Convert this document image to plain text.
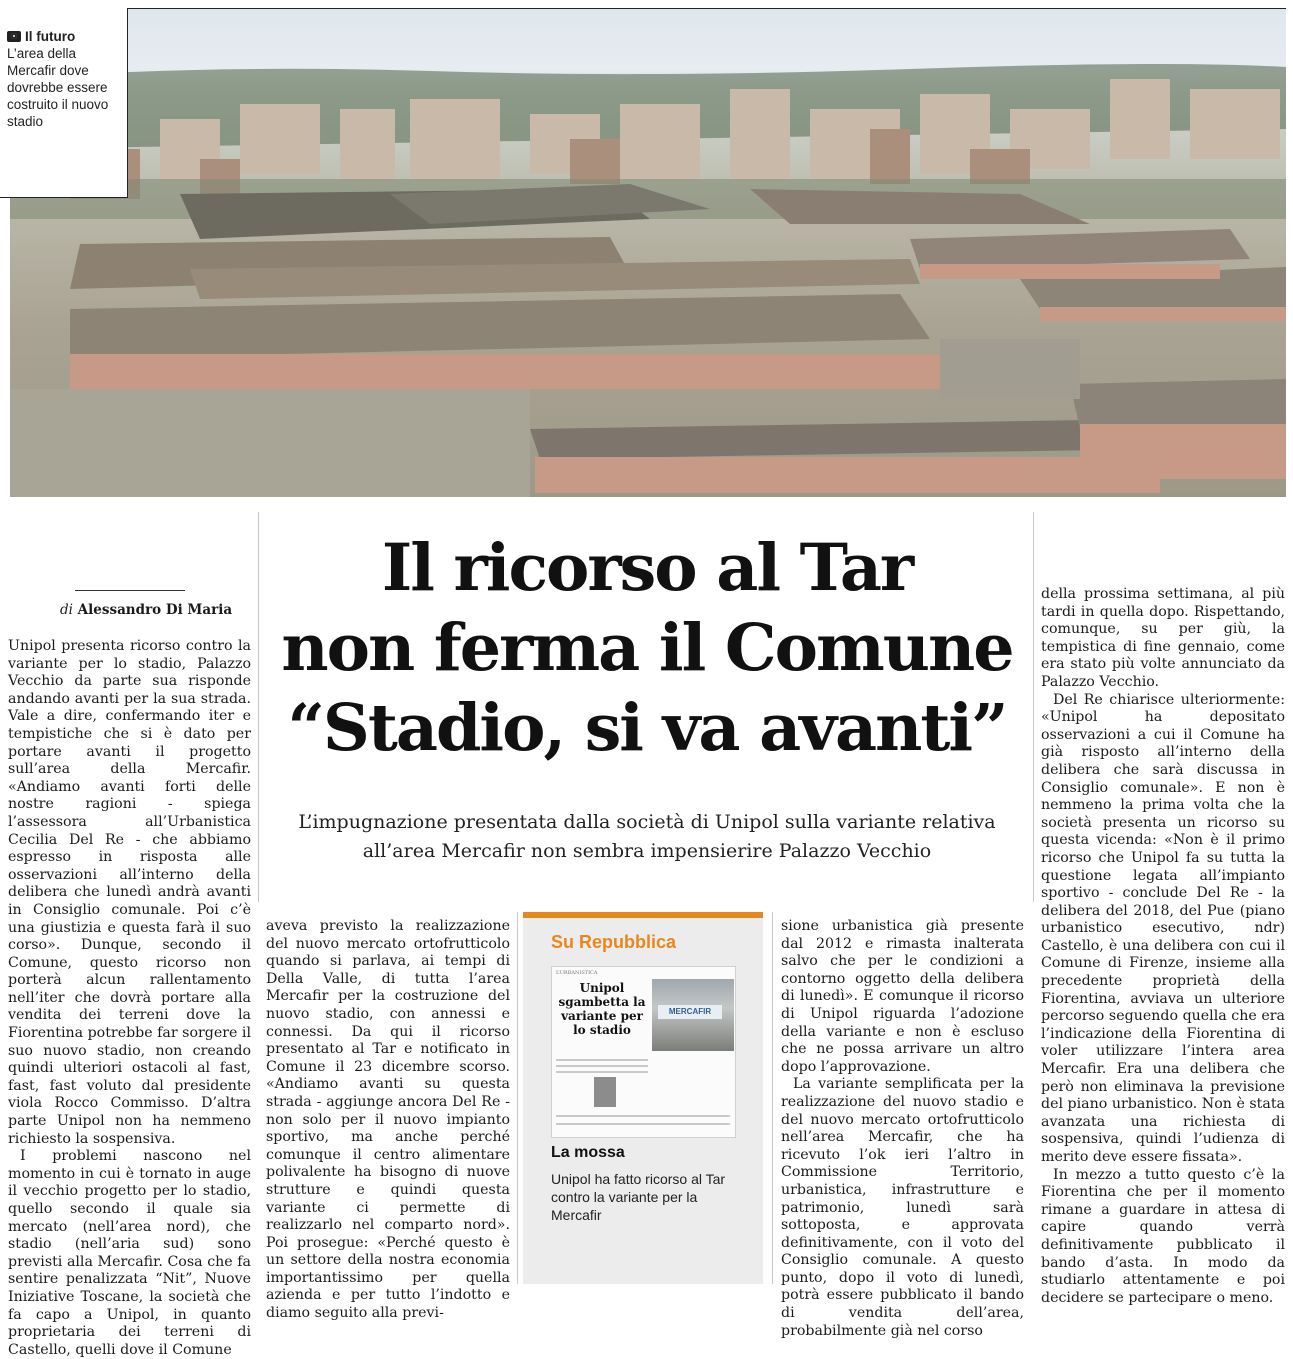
Il futuro
L’area della Mercafir dove dovrebbe essere costruito il nuovo stadio
di Alessandro Di Maria
Il ricorso al Tar
non ferma il Comune
“Stadio, si va avanti”
L’impugnazione presentata dalla società di Unipol sulla variante relativa
all’area Mercafir non sembra impensierire Palazzo Vecchio

Unipol presenta ricorso contro la variante per lo stadio, Palazzo Vecchio da parte sua risponde andando avanti per la sua strada. Vale a dire, confermando iter e tempistiche che si è dato per portare avanti il progetto sull’area della Mercafir. «Andiamo avanti forti delle nostre ragioni - spiega l’assessora all’Urbanistica Cecilia Del Re - che abbiamo espresso in risposta alle osservazioni all’interno della delibera che lunedì andrà avanti in Consiglio comunale. Poi c’è una giustizia e questa farà il suo corso». Dunque, secondo il Comune, questo ricorso non porterà alcun rallentamento nell’iter che dovrà portare alla vendita dei terreni dove la Fiorentina potrebbe far sorgere il suo nuovo stadio, non creando quindi ulteriori ostacoli al fast, fast, fast voluto dal presidente viola Rocco Commisso. D’altra parte Unipol non ha nemmeno richiesto la sospensiva.

I problemi nascono nel momento in cui è tornato in auge il vecchio progetto per lo stadio, quello secondo il quale sia mercato (nell’area nord), che stadio (nell’aria sud) sono previsti alla Mercafir. Cosa che fa sentire penalizzata “Nit”, Nuove Iniziative Toscane, la società che fa capo a Unipol, in quanto proprietaria dei terreni di Castello, quelli dove il Comune

aveva previsto la realizzazione del nuovo mercato ortofrutticolo quando si parlava, ai tempi di Della Valle, di tutta l’area Mercafir per la costruzione del nuovo stadio, con annessi e connessi. Da qui il ricorso presentato al Tar e notificato in Comune il 23 dicembre scorso. «Andiamo avanti su questa strada - aggiunge ancora Del Re - non solo per il nuovo impianto sportivo, ma anche perché comunque il centro alimentare polivalente ha bisogno di nuove strutture e quindi questa variante ci permette di realizzarlo nel comparto nord». Poi prosegue: «Perché questo è un settore della nostra economia importantissimo per quella azienda e per tutto l’indotto e diamo seguito alla previ-

Su Repubblica
L’URBANISTICA
Unipol sgambetta la variante per lo stadio
MERCAFIR
La mossa
Unipol ha fatto ricorso al Tar contro la variante per la Mercafir

sione urbanistica già presente dal 2012 e rimasta inalterata salvo che per le condizioni a contorno oggetto della delibera di lunedì». E comunque il ricorso di Unipol riguarda l’adozione della variante e non è escluso che ne possa arrivare un altro dopo l’approvazione.

La variante semplificata per la realizzazione del nuovo stadio e del nuovo mercato ortofrutticolo nell’area Mercafir, che ha ricevuto l’ok ieri l’altro in Commissione Territorio, urbanistica, infrastrutture e patrimonio, lunedì sarà sottoposta, e approvata definitivamente, con il voto del Consiglio comunale. A questo punto, dopo il voto di lunedì, potrà essere pubblicato il bando di vendita dell’area, probabilmente già nel corso

della prossima settimana, al più tardi in quella dopo. Rispettando, comunque, su per giù, la tempistica di fine gennaio, come era stato più volte annunciato da Palazzo Vecchio.

Del Re chiarisce ulteriormente: «Unipol ha depositato osservazioni a cui il Comune ha già risposto all’interno della delibera che sarà discussa in Consiglio comunale». E non è nemmeno la prima volta che la società presenta un ricorso su questa vicenda: «Non è il primo ricorso che Unipol fa su tutta la questione legata all’impianto sportivo - conclude Del Re - la delibera del 2018, del Pue (piano urbanistico esecutivo, ndr) Castello, è una delibera con cui il Comune di Firenze, insieme alla precedente proprietà della Fiorentina, avviava un ulteriore percorso seguendo quella che era l’indicazione della Fiorentina di voler utilizzare l’intera area Mercafir. Era una delibera che però non eliminava la previsione del piano urbanistico. Non è stata avanzata una richiesta di sospensiva, quindi l’udienza di merito deve essere fissata».

In mezzo a tutto questo c’è la Fiorentina che per il momento rimane a guardare in attesa di capire quando verrà definitivamente pubblicato il bando d’asta. In modo da studiarlo attentamente e poi decidere se partecipare o meno.
